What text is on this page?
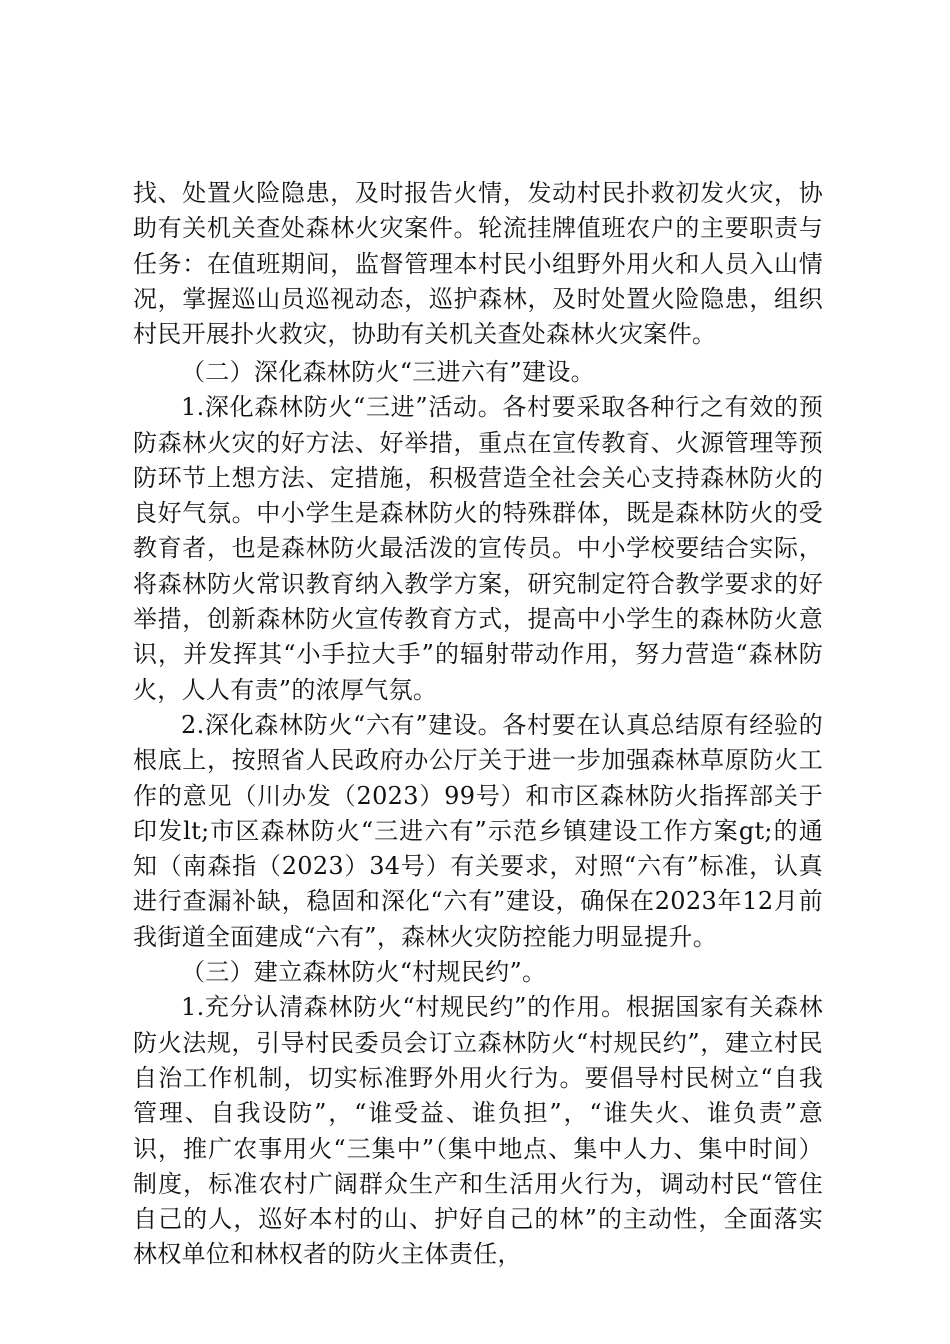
找、处置火险隐患，及时报告火情，发动村民扑救初发火灾，协助有关机关查处森林火灾案件。轮流挂牌值班农户的主要职责与任务：在值班期间，监督管理本村民小组野外用火和人员入山情况，掌握巡山员巡视动态，巡护森林，及时处置火险隐患，组织村民开展扑火救灾，协助有关机关查处森林火灾案件。

（二）深化森林防火“三进六有”建设。

1.深化森林防火“三进”活动。各村要采取各种行之有效的预防森林火灾的好方法、好举措，重点在宣传教育、火源管理等预防环节上想方法、定措施，积极营造全社会关心支持森林防火的良好气氛。中小学生是森林防火的特殊群体，既是森林防火的受教育者，也是森林防火最活泼的宣传员。中小学校要结合实际，将森林防火常识教育纳入教学方案，研究制定符合教学要求的好举措，创新森林防火宣传教育方式，提高中小学生的森林防火意识，并发挥其“小手拉大手”的辐射带动作用，努力营造“森林防火，人人有责”的浓厚气氛。

2.深化森林防火“六有”建设。各村要在认真总结原有经验的根底上，按照省人民政府办公厅关于进一步加强森林草原防火工作的意见（川办发（2023）99号）和市区森林防火指挥部关于印发lt;市区森林防火“三进六有”示范乡镇建设工作方案gt;的通知（南森指（2023）34号）有关要求，对照“六有”标准，认真进行查漏补缺，稳固和深化“六有”建设，确保在2023年12月前我街道全面建成“六有”，森林火灾防控能力明显提升。

（三）建立森林防火“村规民约”。

1.充分认清森林防火“村规民约”的作用。根据国家有关森林防火法规，引导村民委员会订立森林防火“村规民约”，建立村民自治工作机制，切实标准野外用火行为。要倡导村民树立“自我管理、自我设防”，“谁受益、谁负担”，“谁失火、谁负责”意识，推广农事用火“三集中”（集中地点、集中人力、集中时间）制度，标准农村广阔群众生产和生活用火行为，调动村民“管住自己的人，巡好本村的山、护好自己的林”的主动性，全面落实林权单位和林权者的防火主体责任，
